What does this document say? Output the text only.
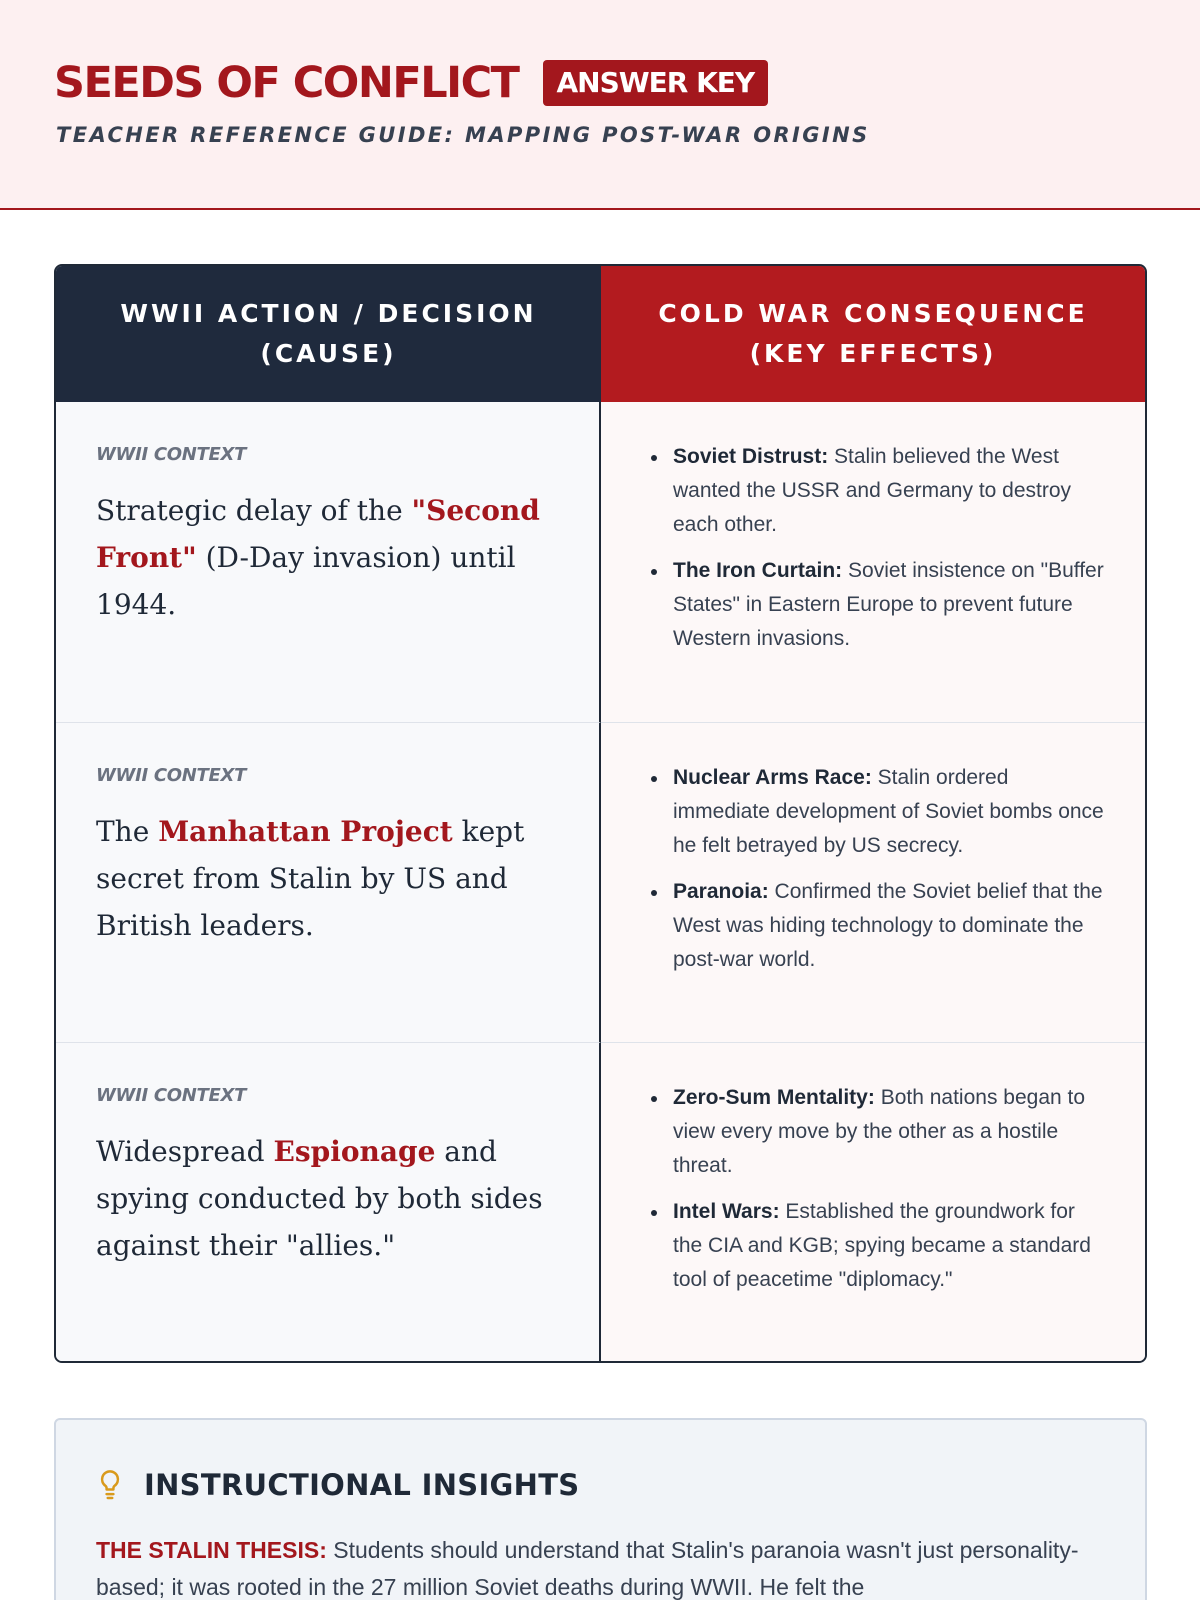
SEEDS OF CONFLICT	ANSWER KEY
TEACHER REFERENCE GUIDE: MAPPING POST-WAR ORIGINS
WWII ACTION / DECISION
(CAUSE)
COLD WAR CONSEQUENCE
(KEY EFFECTS)
WWII CONTEXT

Strategic delay of the "Second Front" (D-Day invasion) until 1944.

Soviet Distrust: Stalin believed the West wanted the USSR and Germany to destroy each other.
The Iron Curtain: Soviet insistence on "Buffer States" in Eastern Europe to prevent future Western invasions.
WWII CONTEXT

The Manhattan Project kept secret from Stalin by US and British leaders.

Nuclear Arms Race: Stalin ordered immediate development of Soviet bombs once he felt betrayed by US secrecy.
Paranoia: Confirmed the Soviet belief that the West was hiding technology to dominate the post-war world.
WWII CONTEXT

Widespread Espionage and spying conducted by both sides against their "allies."

Zero-Sum Mentality: Both nations began to view every move by the other as a hostile threat.
Intel Wars: Established the groundwork for the CIA and KGB; spying became a standard tool of peacetime "diplomacy."
INSTRUCTIONAL INSIGHTS

THE STALIN THESIS: Students should understand that Stalin's paranoia wasn't just personality-based; it was rooted in the 27 million Soviet deaths during WWII. He felt the
